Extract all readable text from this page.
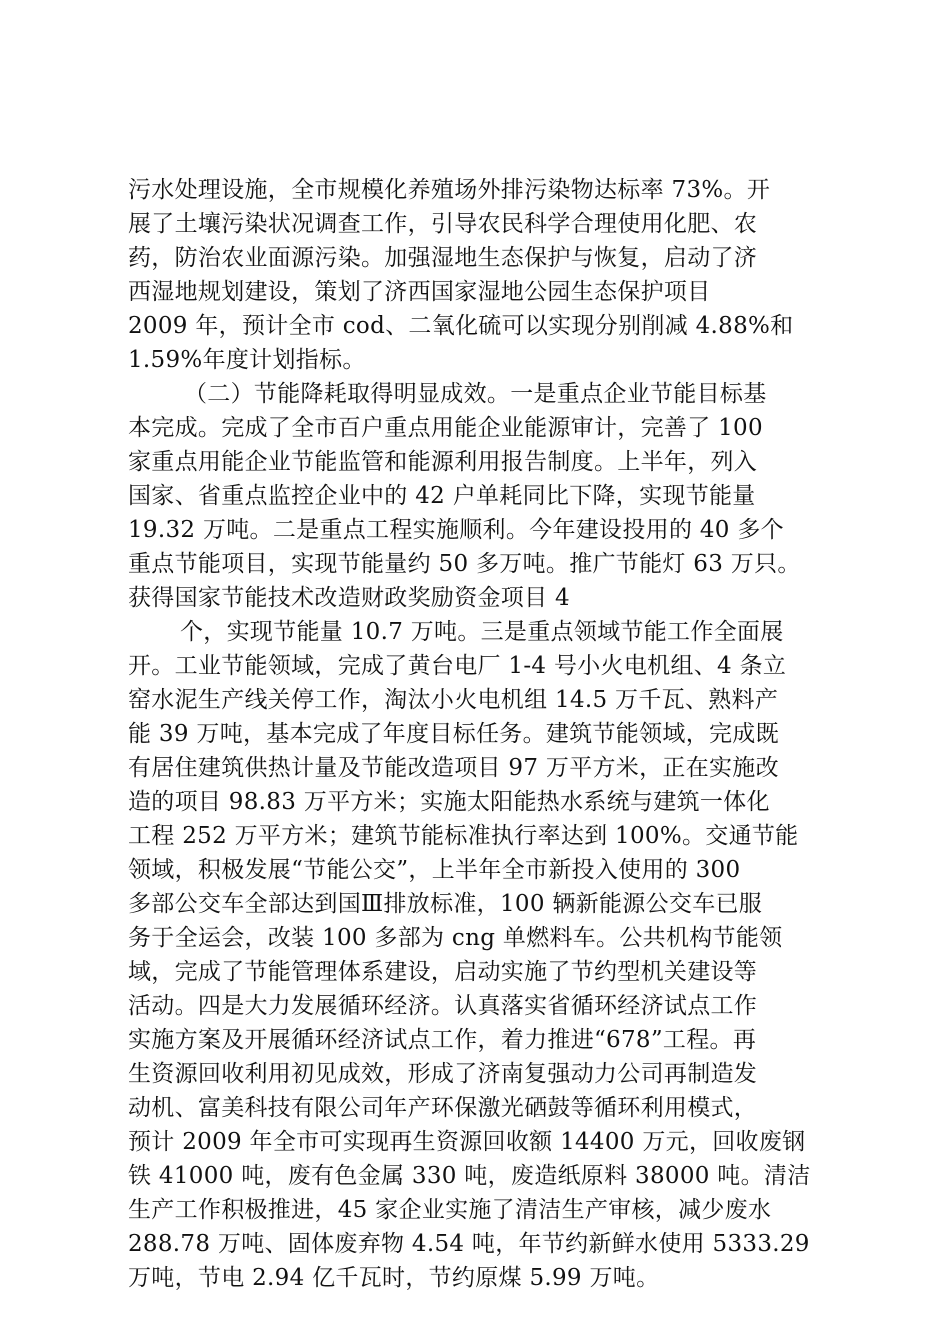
污水处理设施，全市规模化养殖场外排污染物达标率 73%。开
展了土壤污染状况调查工作，引导农民科学合理使用化肥、农
药，防治农业面源污染。加强湿地生态保护与恢复，启动了济
西湿地规划建设，策划了济西国家湿地公园生态保护项目
2009 年，预计全市 cod、二氧化硫可以实现分别削减 4.88%和
1.59%年度计划指标。
（二）节能降耗取得明显成效。一是重点企业节能目标基
本完成。完成了全市百户重点用能企业能源审计，完善了 100
家重点用能企业节能监管和能源利用报告制度。上半年，列入
国家、省重点监控企业中的 42 户单耗同比下降，实现节能量
19.32 万吨。二是重点工程实施顺利。今年建设投用的 40 多个
重点节能项目，实现节能量约 50 多万吨。推广节能灯 63 万只。
获得国家节能技术改造财政奖励资金项目 4
个，实现节能量 10.7 万吨。三是重点领域节能工作全面展
开。工业节能领域，完成了黄台电厂 1-4 号小火电机组、4 条立
窑水泥生产线关停工作，淘汰小火电机组 14.5 万千瓦、熟料产
能 39 万吨，基本完成了年度目标任务。建筑节能领域，完成既
有居住建筑供热计量及节能改造项目 97 万平方米，正在实施改
造的项目 98.83 万平方米；实施太阳能热水系统与建筑一体化
工程 252 万平方米；建筑节能标准执行率达到 100%。交通节能
领域，积极发展“节能公交”，上半年全市新投入使用的 300
多部公交车全部达到国Ⅲ排放标准，100 辆新能源公交车已服
务于全运会，改装 100 多部为 cng 单燃料车。公共机构节能领
域，完成了节能管理体系建设，启动实施了节约型机关建设等
活动。四是大力发展循环经济。认真落实省循环经济试点工作
实施方案及开展循环经济试点工作，着力推进“678”工程。再
生资源回收利用初见成效，形成了济南复强动力公司再制造发
动机、富美科技有限公司年产环保激光硒鼓等循环利用模式，
预计 2009 年全市可实现再生资源回收额 14400 万元，回收废钢
铁 41000 吨，废有色金属 330 吨，废造纸原料 38000 吨。清洁
生产工作积极推进，45 家企业实施了清洁生产审核，减少废水
288.78 万吨、固体废弃物 4.54 吨，年节约新鲜水使用 5333.29
万吨，节电 2.94 亿千瓦时，节约原煤 5.99 万吨。
